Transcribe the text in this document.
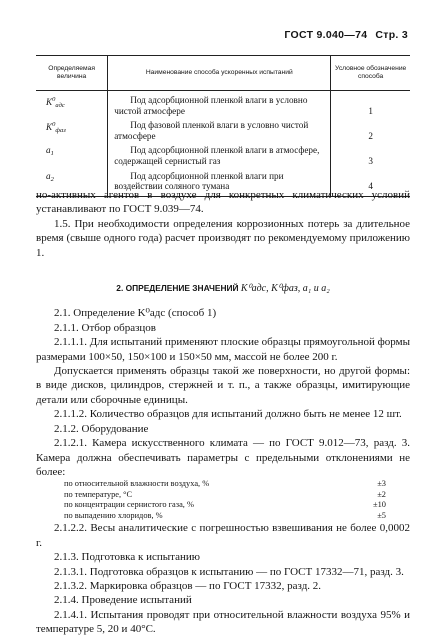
ГОСТ 9.040—74 Стр. 3
Определяемая величина	Наименование способа ускоренных испытаний	Условное обозначение способа
$K^0_{адс}$	Под адсорбционной пленкой влаги в условно чистой атмосфере	1
$K^0_{фаз}$	Под фазовой пленкой влаги в условно чистой атмосфере	2
$a_1$	Под адсорбционной пленкой влаги в атмосфере, содержащей сернистый газ	3
$a_2$	Под адсорбционной пленкой влаги при воздействии соляного тумана	4

но-активных агентов в воздухе для конкретных климатических условий устанавливают по ГОСТ 9.039—74.

1.5. При необходимости определения коррозионных потерь за длительное время (свыше одного года) расчет производят по рекомендуемому приложению 1.

2. ОПРЕДЕЛЕНИЕ ЗНАЧЕНИЙ K⁰адс, K⁰фаз, a₁ и a₂

2.1. Определение K⁰адс (способ 1)

2.1.1. Отбор образцов

2.1.1.1. Для испытаний применяют плоские образцы прямоугольной формы размерами 100×50, 150×100 и 150×50 мм, массой не более 200 г.

Допускается применять образцы такой же поверхности, но другой формы: в виде дисков, цилиндров, стержней и т. п., а также образцы, имитирующие детали или сборочные единицы.

2.1.1.2. Количество образцов для испытаний должно быть не менее 12 шт.

2.1.2. Оборудование

2.1.2.1. Камера искусственного климата — по ГОСТ 9.012—73, разд. 3. Камера должна обеспечивать параметры с предельными отклонениями не более:

по относительной влажности воздуха, %	±3
по температуре, °С	±2
по концентрации сернистого газа, %	±10
по выпадению хлоридов, %	±5

2.1.2.2. Весы аналитические с погрешностью взвешивания не более 0,0002 г.

2.1.3. Подготовка к испытанию

2.1.3.1. Подготовка образцов к испытанию — по ГОСТ 17332—71, разд. 3.

2.1.3.2. Маркировка образцов — по ГОСТ 17332, разд. 2.

2.1.4. Проведение испытаний

2.1.4.1. Испытания проводят при относительной влажности воздуха 95% и температуре 5, 20 и 40°С.
